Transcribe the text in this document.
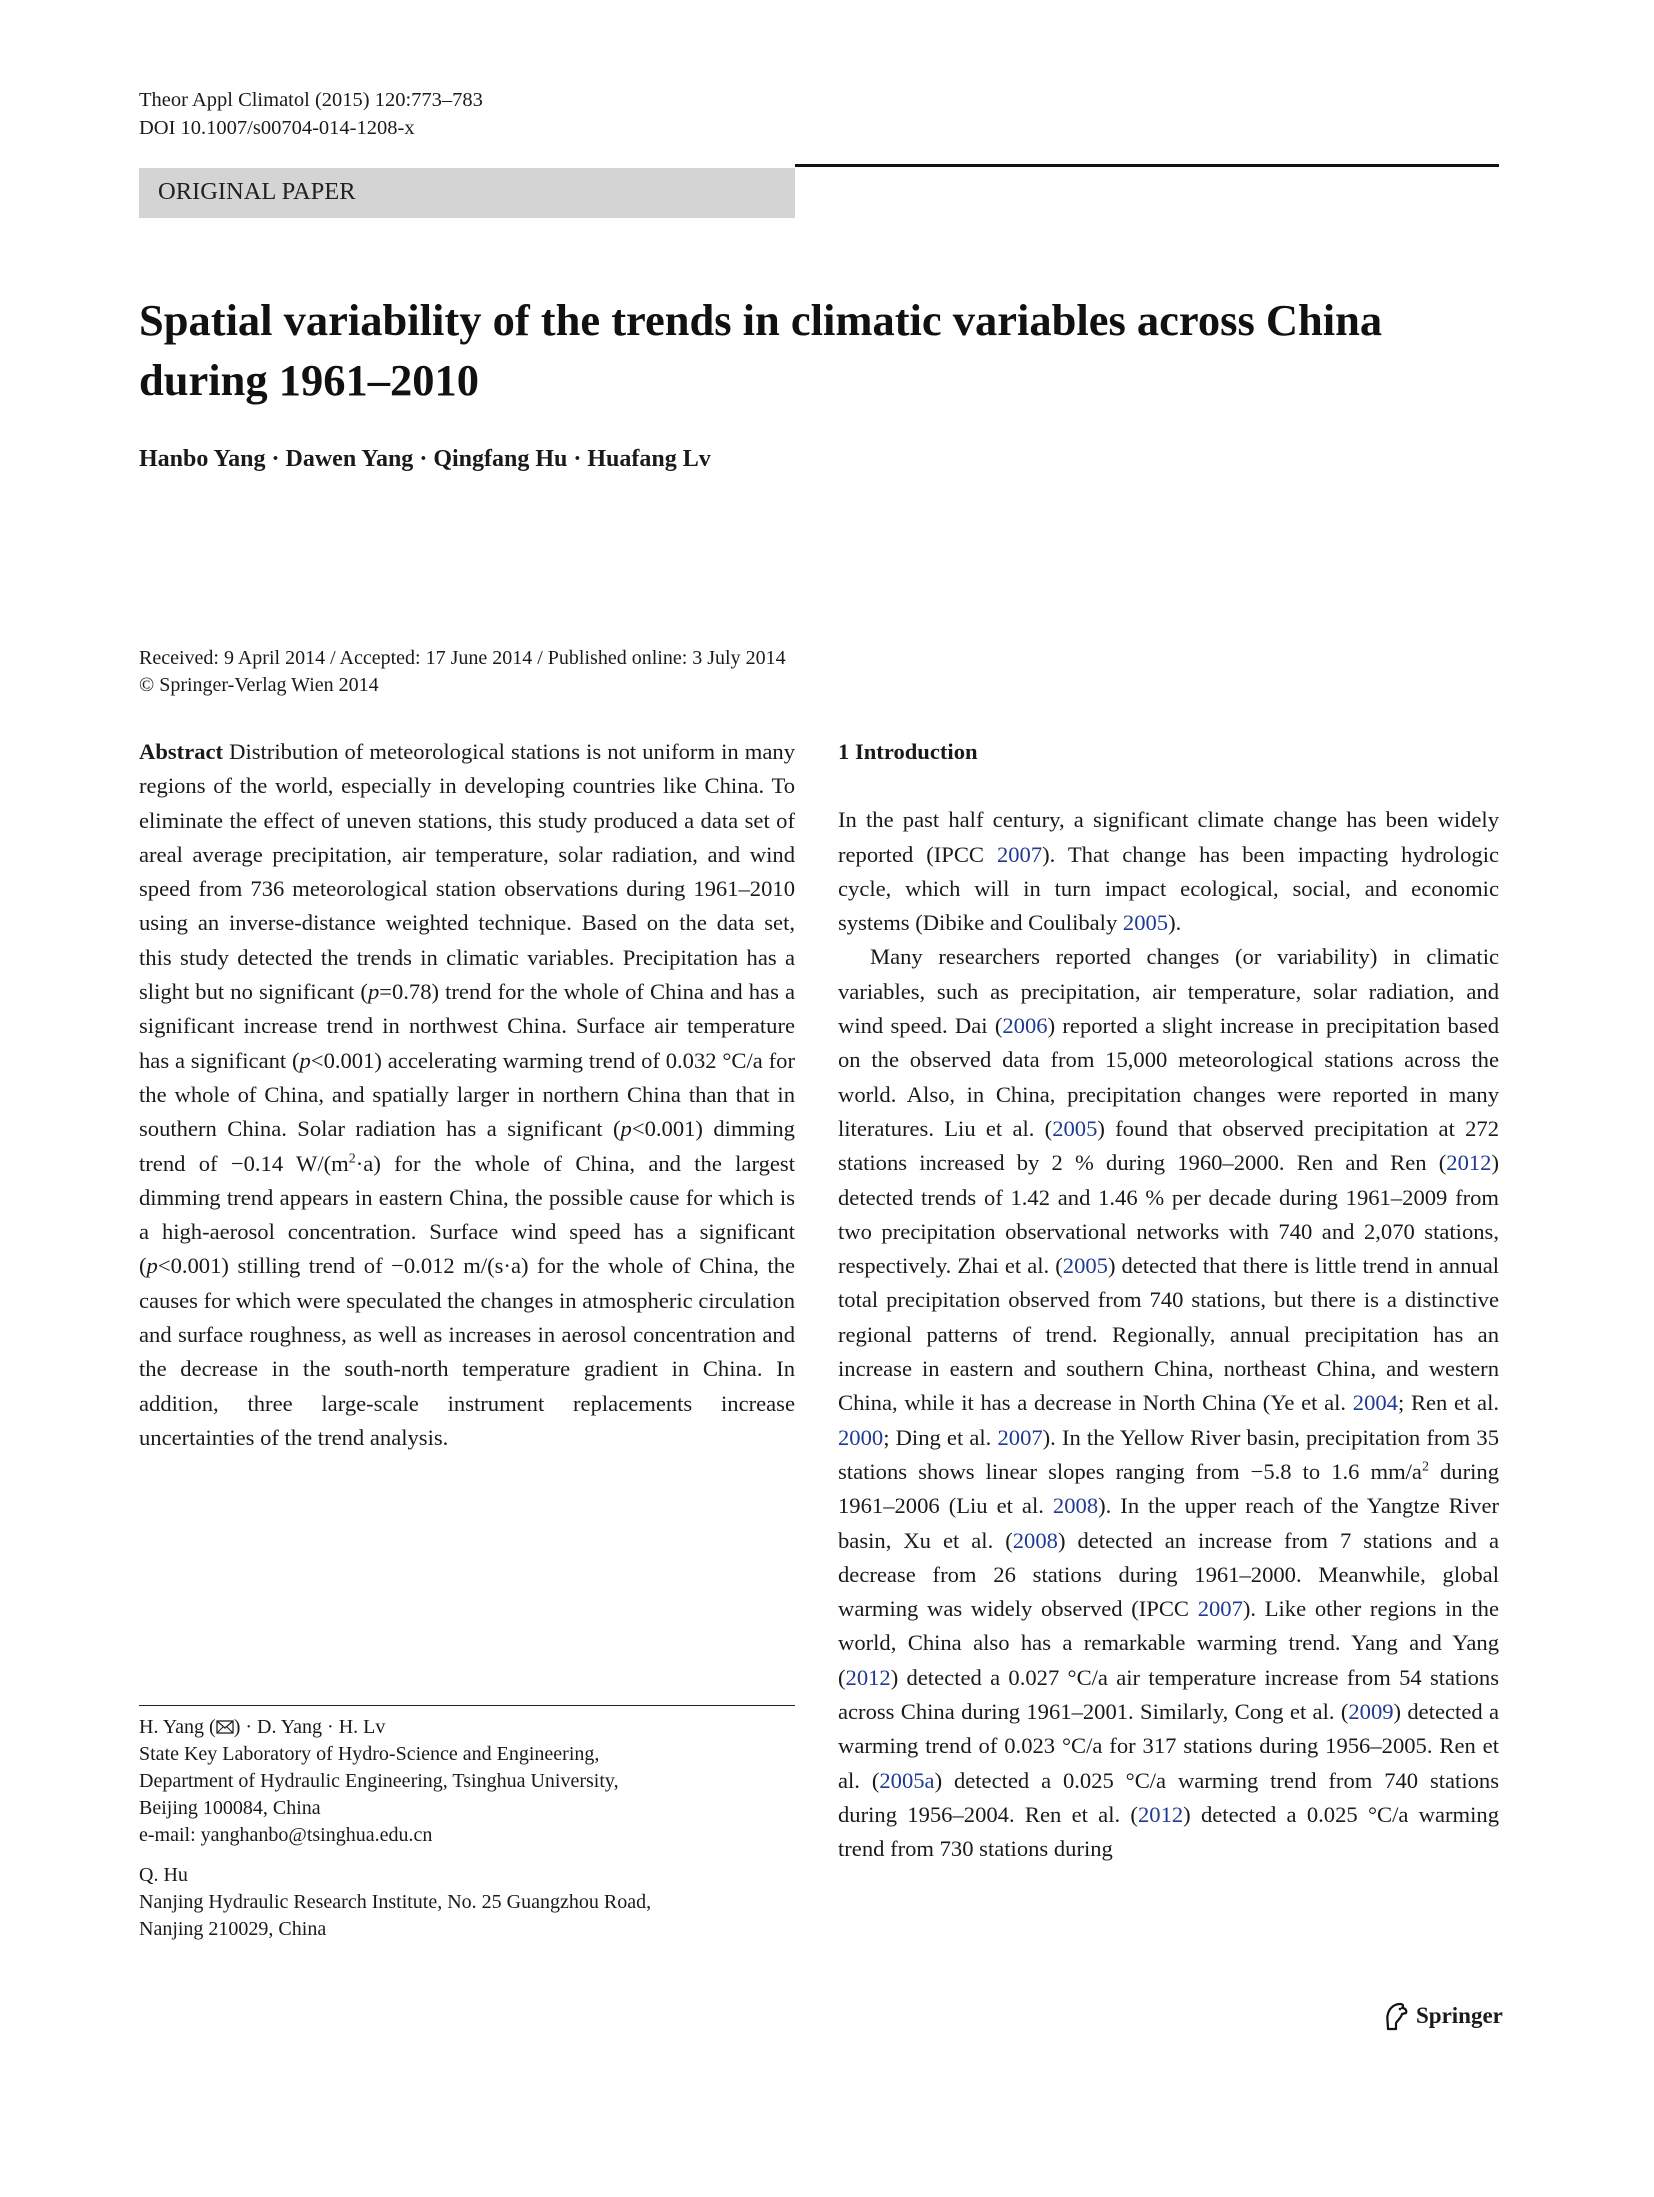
Theor Appl Climatol (2015) 120:773–783
DOI 10.1007/s00704-014-1208-x
ORIGINAL PAPER
Spatial variability of the trends in climatic variables across China during 1961–2010
Hanbo Yang · Dawen Yang · Qingfang Hu · Huafang Lv
Received: 9 April 2014 / Accepted: 17 June 2014 / Published online: 3 July 2014
© Springer-Verlag Wien 2014

Abstract Distribution of meteorological stations is not uniform in many regions of the world, especially in developing countries like China. To eliminate the effect of uneven stations, this study produced a data set of areal average precipitation, air temperature, solar radiation, and wind speed from 736 meteorological station observations during 1961–2010 using an inverse-distance weighted technique. Based on the data set, this study detected the trends in climatic variables. Precipitation has a slight but no significant (p=0.78) trend for the whole of China and has a significant increase trend in northwest China. Surface air temperature has a significant (p<0.001) accelerating warming trend of 0.032 °C/a for the whole of China, and spatially larger in northern China than that in southern China. Solar radiation has a significant (p<0.001) dimming trend of −0.14 $W/(m^2\cdot a)$ for the whole of China, and the largest dimming trend appears in eastern China, the possible cause for which is a high-aerosol concentration. Surface wind speed has a significant (p<0.001) stilling trend of −0.012 m/(s·a) for the whole of China, the causes for which were speculated the changes in atmospheric circulation and surface roughness, as well as increases in aerosol concentration and the decrease in the south-north temperature gradient in China. In addition, three large-scale instrument replacements increase uncertainties of the trend analysis.

H. Yang ( ) · D. Yang · H. Lv
State Key Laboratory of Hydro-Science and Engineering,
Department of Hydraulic Engineering, Tsinghua University,
Beijing 100084, China
e-mail: yanghanbo@tsinghua.edu.cn
Q. Hu
Nanjing Hydraulic Research Institute, No. 25 Guangzhou Road,
Nanjing 210029, China
1 Introduction

In the past half century, a significant climate change has been widely reported (IPCC 2007). That change has been impacting hydrologic cycle, which will in turn impact ecological, social, and economic systems (Dibike and Coulibaly 2005).

Many researchers reported changes (or variability) in climatic variables, such as precipitation, air temperature, solar radiation, and wind speed. Dai (2006) reported a slight increase in precipitation based on the observed data from 15,000 meteorological stations across the world. Also, in China, precipitation changes were reported in many literatures. Liu et al. (2005) found that observed precipitation at 272 stations increased by 2 % during 1960–2000. Ren and Ren (2012) detected trends of 1.42 and 1.46 % per decade during 1961–2009 from two precipitation observational networks with 740 and 2,070 stations, respectively. Zhai et al. (2005) detected that there is little trend in annual total precipitation observed from 740 stations, but there is a distinctive regional patterns of trend. Regionally, annual precipitation has an increase in eastern and southern China, northeast China, and western China, while it has a decrease in North China (Ye et al. 2004; Ren et al. 2000; Ding et al. 2007). In the Yellow River basin, precipitation from 35 stations shows linear slopes ranging from −5.8 to 1.6 $mm/a^2$ during 1961–2006 (Liu et al. 2008). In the upper reach of the Yangtze River basin, Xu et al. (2008) detected an increase from 7 stations and a decrease from 26 stations during 1961–2000. Meanwhile, global warming was widely observed (IPCC 2007). Like other regions in the world, China also has a remarkable warming trend. Yang and Yang (2012) detected a 0.027 °C/a air temperature increase from 54 stations across China during 1961–2001. Similarly, Cong et al. (2009) detected a warming trend of 0.023 °C/a for 317 stations during 1956–2005. Ren et al. (2005a) detected a 0.025 °C/a warming trend from 740 stations during 1956–2004. Ren et al. (2012) detected a 0.025 °C/a warming trend from 730 stations during

Springer
